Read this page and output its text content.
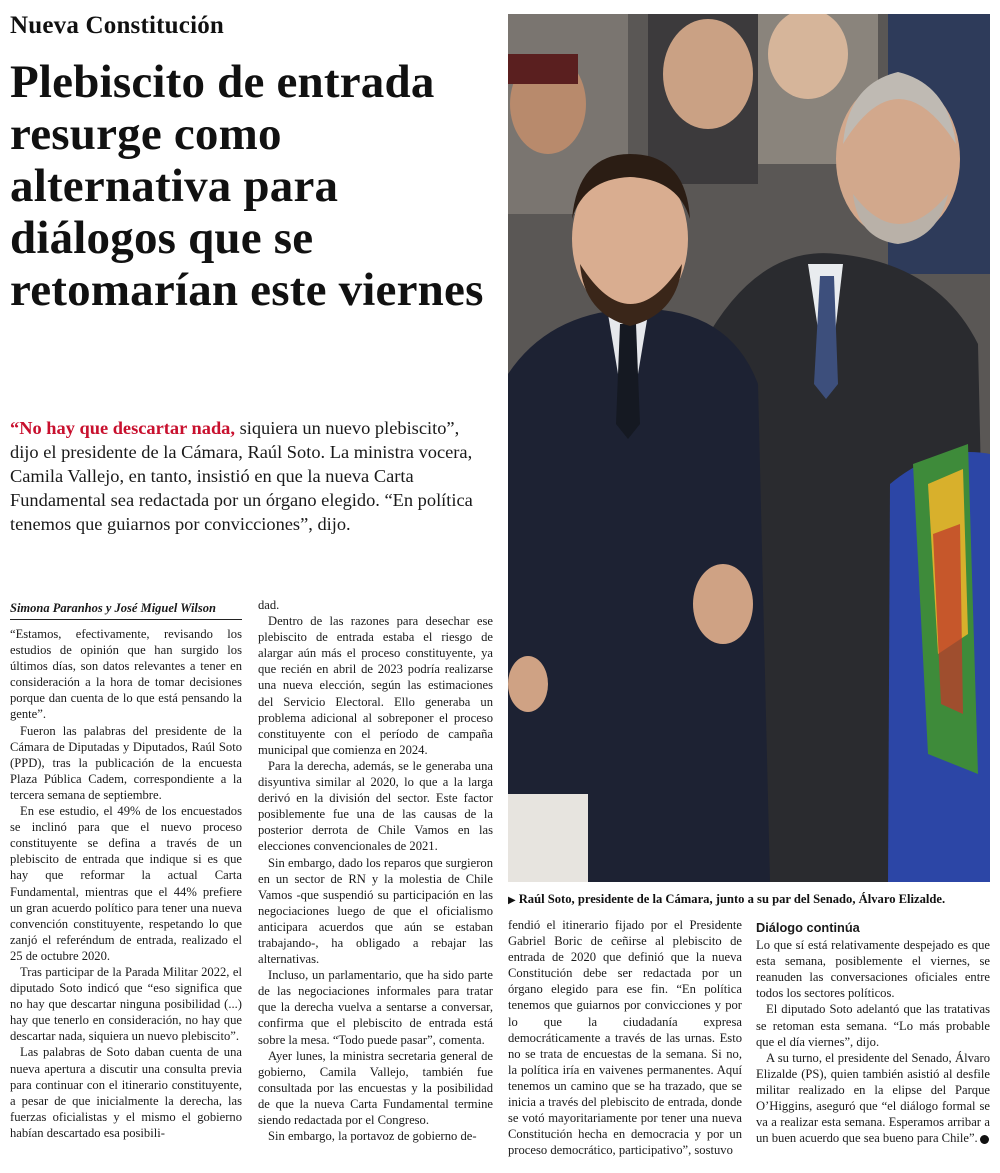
Nueva Constitución
Plebiscito de entrada resurge como alternativa para diálogos que se retomarían este viernes

“No hay que descartar nada, siquiera un nuevo plebiscito”, dijo el presidente de la Cámara, Raúl Soto. La ministra vocera, Camila Vallejo, en tanto, insistió en que la nueva Carta Fundamental sea redactada por un órgano elegido. “En política tenemos que guiarnos por convicciones”, dijo.

Simona Paranhos y José Miguel Wilson

“Estamos, efectivamente, revisando los estudios de opinión que han surgido los últimos días, son datos relevantes a tener en consideración a la hora de tomar decisiones porque dan cuenta de lo que está pensando la gente”.

Fueron las palabras del presidente de la Cámara de Diputadas y Diputados, Raúl Soto (PPD), tras la publicación de la encuesta Plaza Pública Cadem, correspondiente a la tercera semana de septiembre.

En ese estudio, el 49% de los encuestados se inclinó para que el nuevo proceso constituyente se defina a través de un plebiscito de entrada que indique si es que hay que reformar la actual Carta Fundamental, mientras que el 44% prefiere un gran acuerdo político para tener una nueva convención constituyente, respetando lo que zanjó el referéndum de entrada, realizado el 25 de octubre 2020.

Tras participar de la Parada Militar 2022, el diputado Soto indicó que “eso significa que no hay que descartar ninguna posibilidad (...) hay que tenerlo en consideración, no hay que descartar nada, siquiera un nuevo plebiscito”.

Las palabras de Soto daban cuenta de una nueva apertura a discutir una consulta previa para continuar con el itinerario constituyente, a pesar de que inicialmente la derecha, las fuerzas oficialistas y el mismo el gobierno habían descartado esa posibili-

dad.

Dentro de las razones para desechar ese plebiscito de entrada estaba el riesgo de alargar aún más el proceso constituyente, ya que recién en abril de 2023 podría realizarse una nueva elección, según las estimaciones del Servicio Electoral. Ello generaba un problema adicional al sobreponer el proceso constituyente con el período de campaña municipal que comienza en 2024.

Para la derecha, además, se le generaba una disyuntiva similar al 2020, lo que a la larga derivó en la división del sector. Este factor posiblemente fue una de las causas de la posterior derrota de Chile Vamos en las elecciones convencionales de 2021.

Sin embargo, dado los reparos que surgieron en un sector de RN y la molestia de Chile Vamos -que suspendió su participación en las negociaciones luego de que el oficialismo anticipara acuerdos que aún se estaban trabajando-, ha obligado a rebajar las alternativas.

Incluso, un parlamentario, que ha sido parte de las negociaciones informales para tratar que la derecha vuelva a sentarse a conversar, confirma que el plebiscito de entrada está sobre la mesa. “Todo puede pasar”, comenta.

Ayer lunes, la ministra secretaria general de gobierno, Camila Vallejo, también fue consultada por las encuestas y la posibilidad de que la nueva Carta Fundamental termine siendo redactada por el Congreso.

Sin embargo, la portavoz de gobierno de-

▶ Raúl Soto, presidente de la Cámara, junto a su par del Senado, Álvaro Elizalde.

fendió el itinerario fijado por el Presidente Gabriel Boric de ceñirse al plebiscito de entrada de 2020 que definió que la nueva Constitución debe ser redactada por un órgano elegido para ese fin. “En política tenemos que guiarnos por convicciones y por lo que la ciudadanía expresa democráticamente a través de las urnas. Esto no se trata de encuestas de la semana. Si no, la política iría en vaivenes permanentes. Aquí tenemos un camino que se ha trazado, que se inicia a través del plebiscito de entrada, donde se votó mayoritariamente por tener una nueva Constitución hecha en democracia y por un proceso democrático, participativo”, sostuvo

Diálogo continúa

Lo que sí está relativamente despejado es que esta semana, posiblemente el viernes, se reanuden las conversaciones oficiales entre todos los sectores políticos.

El diputado Soto adelantó que las tratativas se retoman esta semana. “Lo más probable que el día viernes”, dijo.

A su turno, el presidente del Senado, Álvaro Elizalde (PS), quien también asistió al desfile militar realizado en la elipse del Parque O’Higgins, aseguró que “el diálogo formal se va a realizar esta semana. Esperamos arribar a un buen acuerdo que sea bueno para Chile”.
